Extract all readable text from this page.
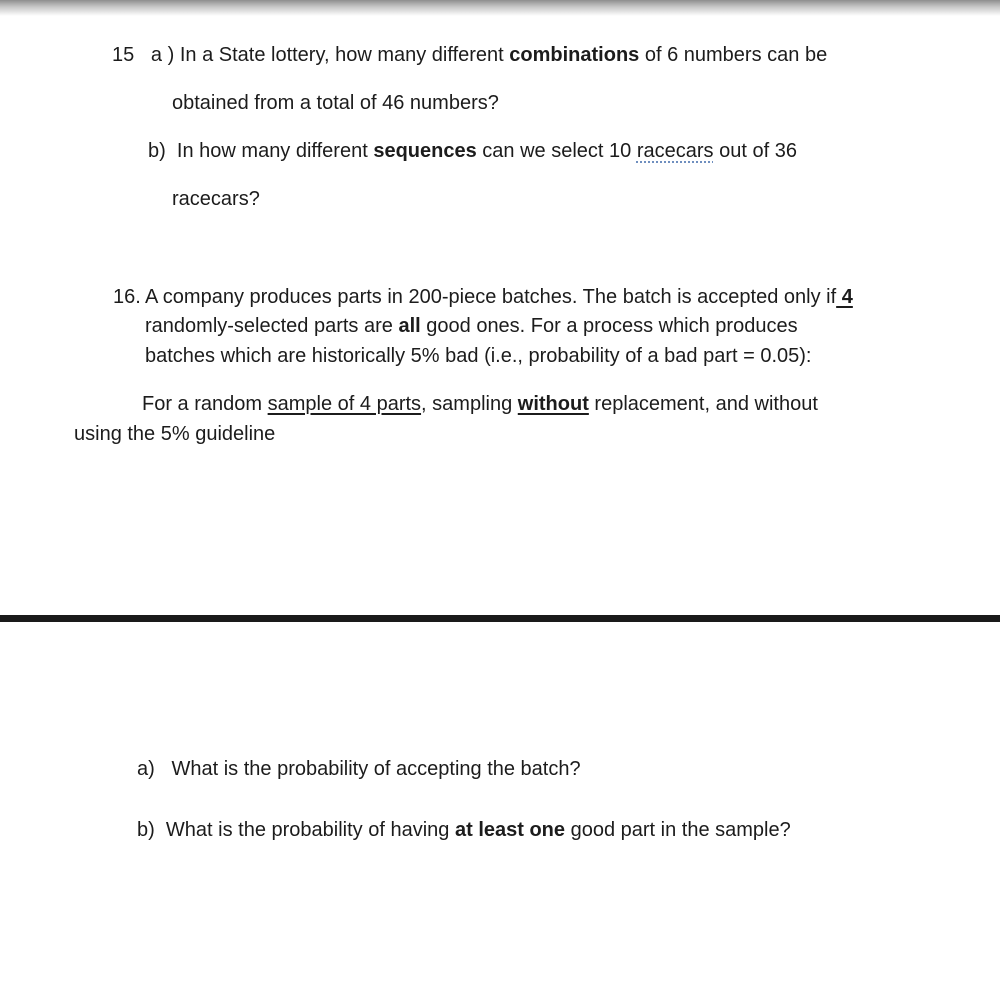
15 a ) In a State lottery, how many different combinations of 6 numbers can be
obtained from a total of 46 numbers?
b) In how many different sequences can we select 10 racecars out of 36
racecars?
16. A company produces parts in 200-piece batches. The batch is accepted only if 4
randomly-selected parts are all good ones. For a process which produces
batches which are historically 5% bad (i.e., probability of a bad part = 0.05):
For a random sample of 4 parts, sampling without replacement, and without
using the 5% guideline
a) What is the probability of accepting the batch?
b) What is the probability of having at least one good part in the sample?
